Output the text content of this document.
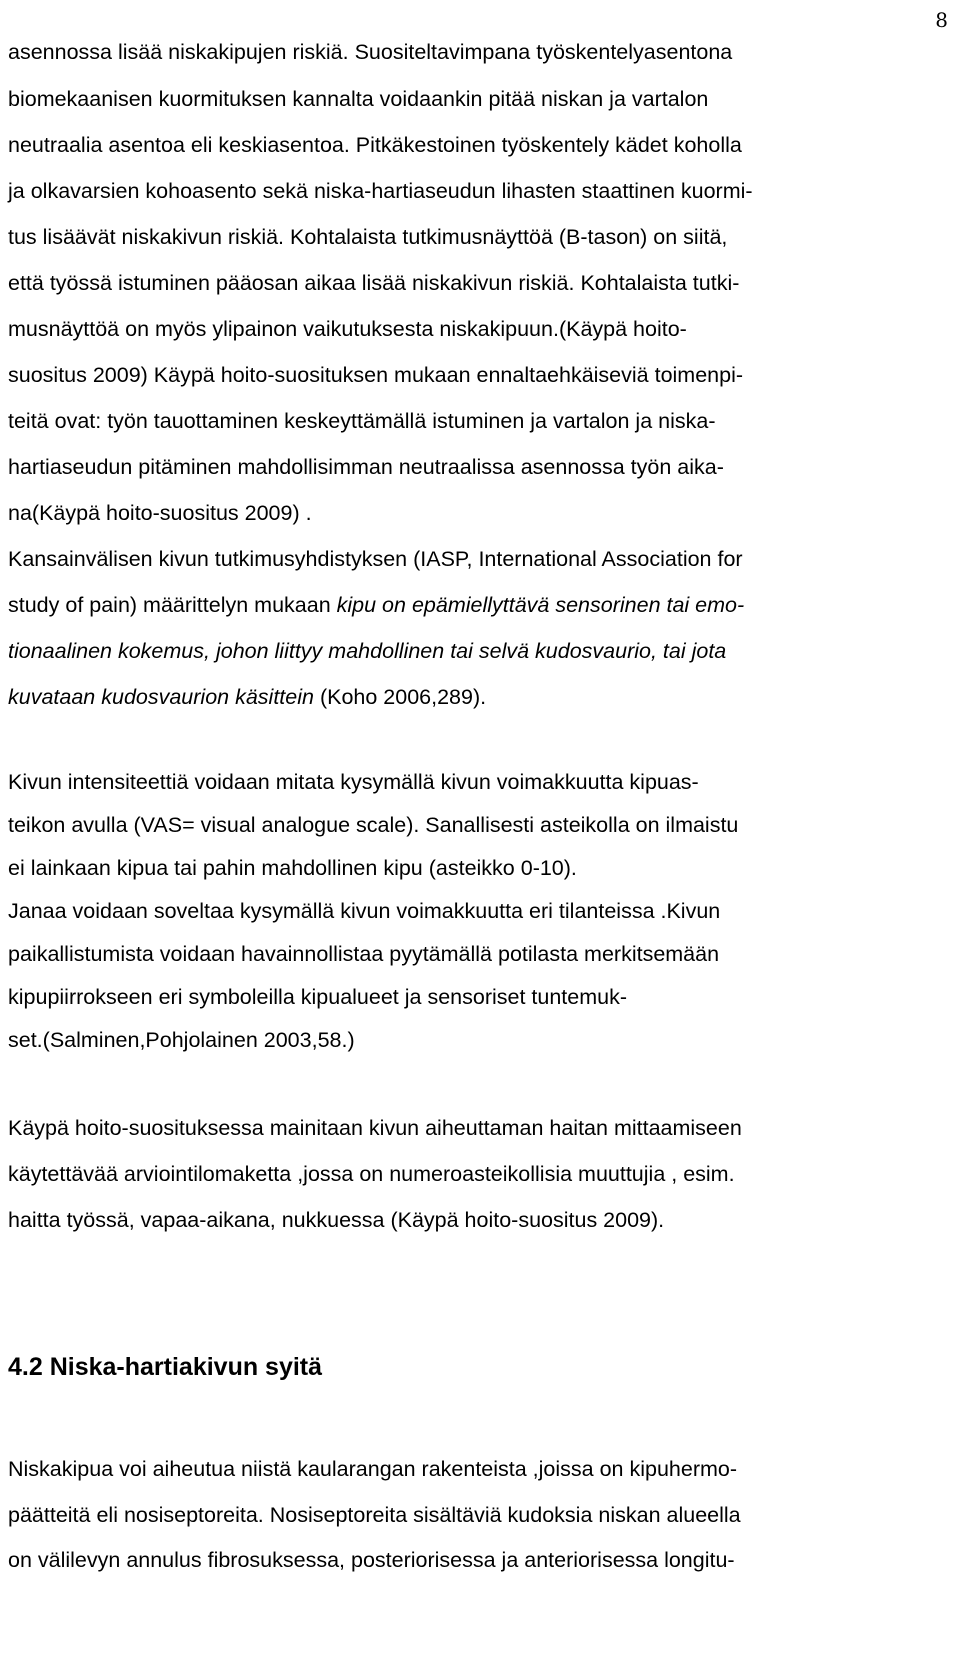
8
asennossa lisää niskakipujen riskiä. Suositeltavimpana työskentelyasentona
biomekaanisen kuormituksen kannalta voidaankin pitää niskan ja vartalon
neutraalia asentoa eli keskiasentoa. Pitkäkestoinen työskentely kädet koholla
ja olkavarsien kohoasento sekä niska-hartiaseudun lihasten staattinen kuormi-
tus lisäävät niskakivun riskiä. Kohtalaista tutkimusnäyttöä (B-tason) on siitä,
että työssä istuminen pääosan aikaa lisää niskakivun riskiä. Kohtalaista tutki-
musnäyttöä on myös ylipainon vaikutuksesta niskakipuun.(Käypä hoito-
suositus 2009) Käypä hoito-suosituksen mukaan ennaltaehkäiseviä toimenpi-
teitä ovat: työn tauottaminen keskeyttämällä istuminen ja vartalon ja niska-
hartiaseudun pitäminen mahdollisimman neutraalissa asennossa työn aika-
na(Käypä hoito-suositus 2009) .
Kansainvälisen kivun tutkimusyhdistyksen (IASP, International Association for
study of pain) määrittelyn mukaan kipu on epämiellyttävä sensorinen tai emo-
tionaalinen kokemus, johon liittyy mahdollinen tai selvä kudosvaurio, tai jota
kuvataan kudosvaurion käsittein (Koho 2006,289).
Kivun intensiteettiä voidaan mitata kysymällä kivun voimakkuutta kipuas-
teikon avulla (VAS= visual analogue scale). Sanallisesti asteikolla on ilmaistu
ei lainkaan kipua tai pahin mahdollinen kipu (asteikko 0-10).
Janaa voidaan soveltaa kysymällä kivun voimakkuutta eri tilanteissa .Kivun
paikallistumista voidaan havainnollistaa pyytämällä potilasta merkitsemään
kipupiirrokseen eri symboleilla kipualueet ja sensoriset tuntemuk-
set.(Salminen,Pohjolainen 2003,58.)
Käypä hoito-suosituksessa mainitaan kivun aiheuttaman haitan mittaamiseen
käytettävää arviointilomaketta ,jossa on numeroasteikollisia muuttujia , esim.
haitta työssä, vapaa-aikana, nukkuessa (Käypä hoito-suositus 2009).
4.2 Niska-hartiakivun syitä
Niskakipua voi aiheutua niistä kaularangan rakenteista ,joissa on kipuhermo-
päätteitä eli nosiseptoreita. Nosiseptoreita sisältäviä kudoksia niskan alueella
on välilevyn annulus fibrosuksessa, posteriorisessa ja anteriorisessa longitu-
